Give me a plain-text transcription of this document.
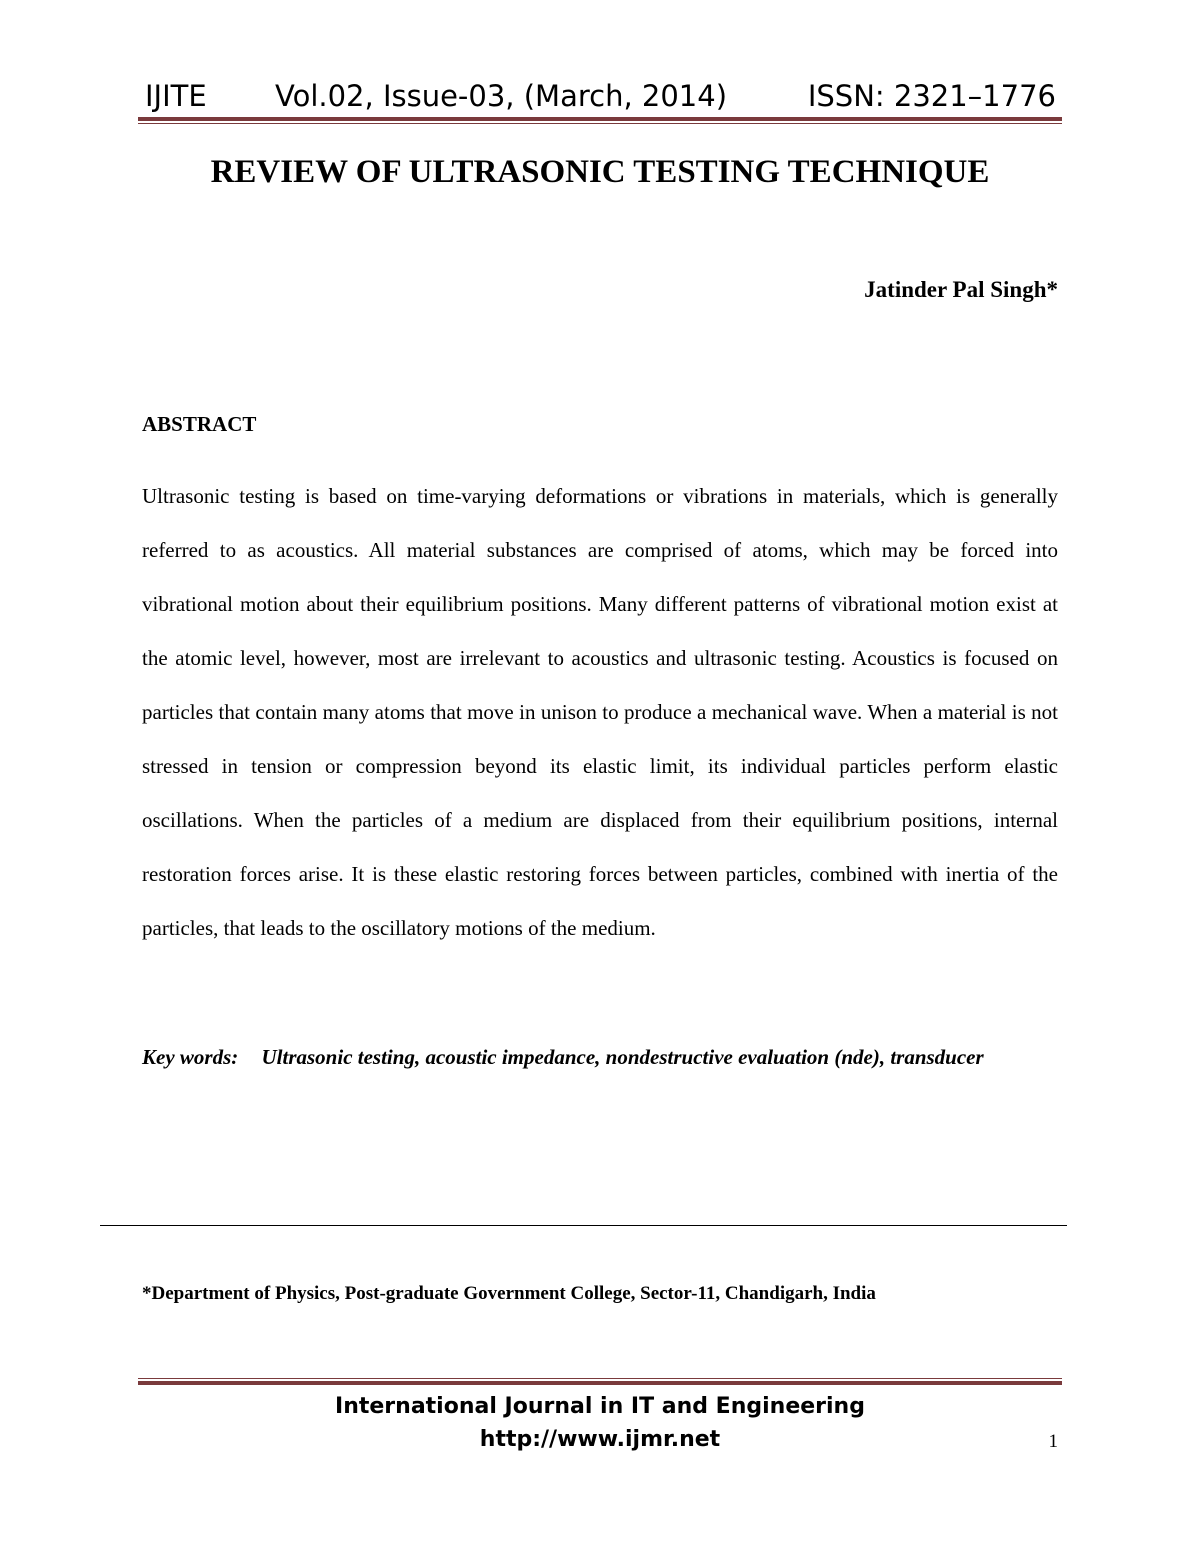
IJITE Vol.02, Issue-03, (March, 2014)	ISSN: 2321–1776
REVIEW OF ULTRASONIC TESTING TECHNIQUE
Jatinder Pal Singh*
ABSTRACT

Ultrasonic testing is based on time-varying deformations or vibrations in materials, which is generally referred to as acoustics. All material substances are comprised of atoms, which may be forced into vibrational motion about their equilibrium positions. Many different patterns of vibrational motion exist at the atomic level, however, most are irrelevant to acoustics and ultrasonic testing. Acoustics is focused on particles that contain many atoms that move in unison to produce a mechanical wave. When a material is not stressed in tension or compression beyond its elastic limit, its individual particles perform elastic oscillations. When the particles of a medium are displaced from their equilibrium positions, internal restoration forces arise. It is these elastic restoring forces between particles, combined with inertia of the particles, that leads to the oscillatory motions of the medium.

Key words: Ultrasonic testing, acoustic impedance, nondestructive evaluation (nde), transducer

*Department of Physics, Post-graduate Government College, Sector-11, Chandigarh, India
International Journal in IT and Engineering
http://www.ijmr.net	1
